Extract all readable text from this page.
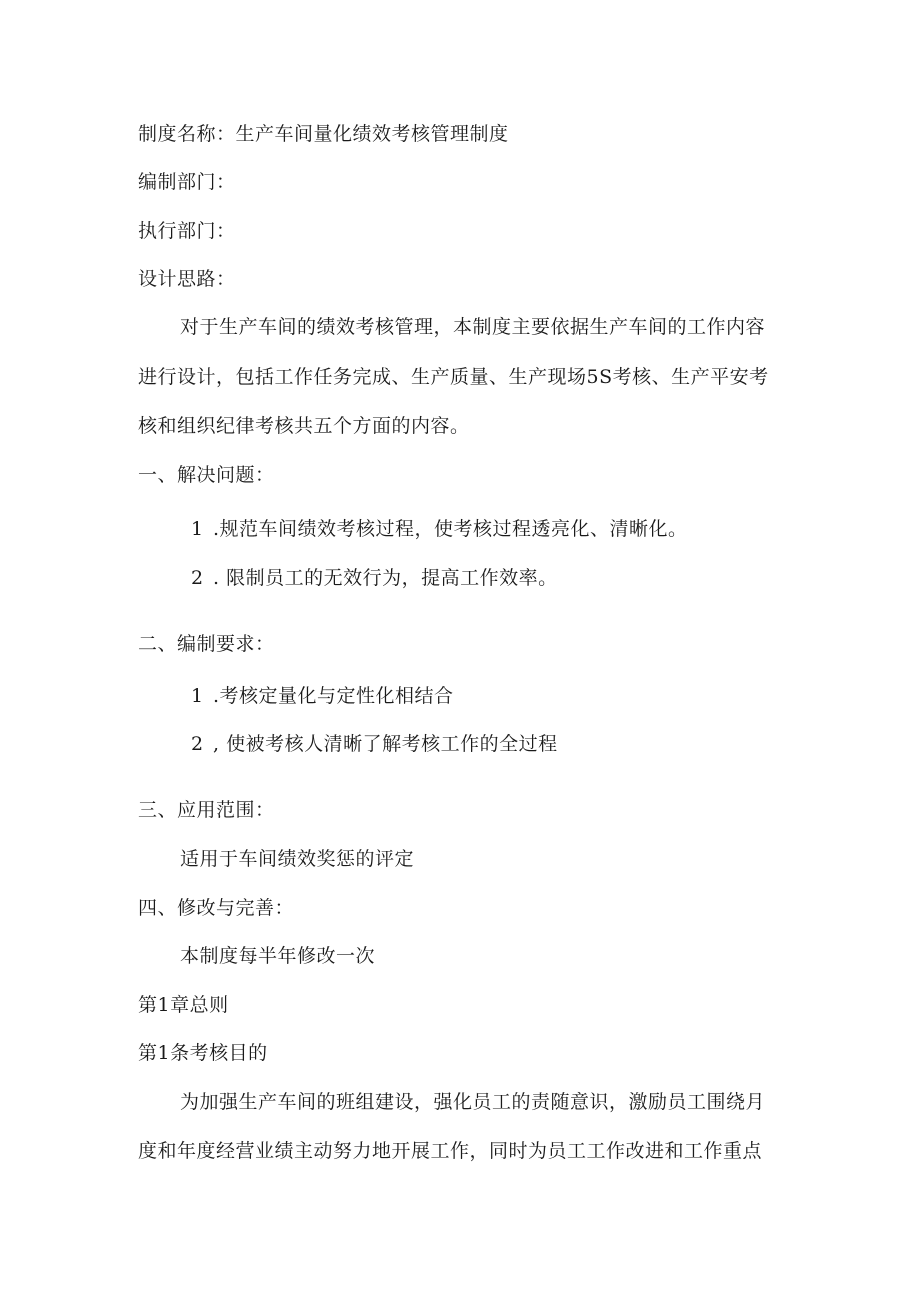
制度名称：生产车间量化绩效考核管理制度
编制部门：
执行部门：
设计思路：
对于生产车间的绩效考核管理，本制度主要依据生产车间的工作内容
进行设计，包括工作任务完成、生产质量、生产现场5S考核、生产平安考
核和组织纪律考核共五个方面的内容。
一、解决问题：
1 .规范车间绩效考核过程，使考核过程透亮化、清晰化。
2 . 限制员工的无效行为，提高工作效率。
二、编制要求：
1 .考核定量化与定性化相结合
2 , 使被考核人清晰了解考核工作的全过程
三、应用范围：
适用于车间绩效奖惩的评定
四、修改与完善：
本制度每半年修改一次
第1章总则
第1条考核目的
为加强生产车间的班组建设，强化员工的责随意识，激励员工围绕月
度和年度经营业绩主动努力地开展工作，同时为员工工作改进和工作重点
